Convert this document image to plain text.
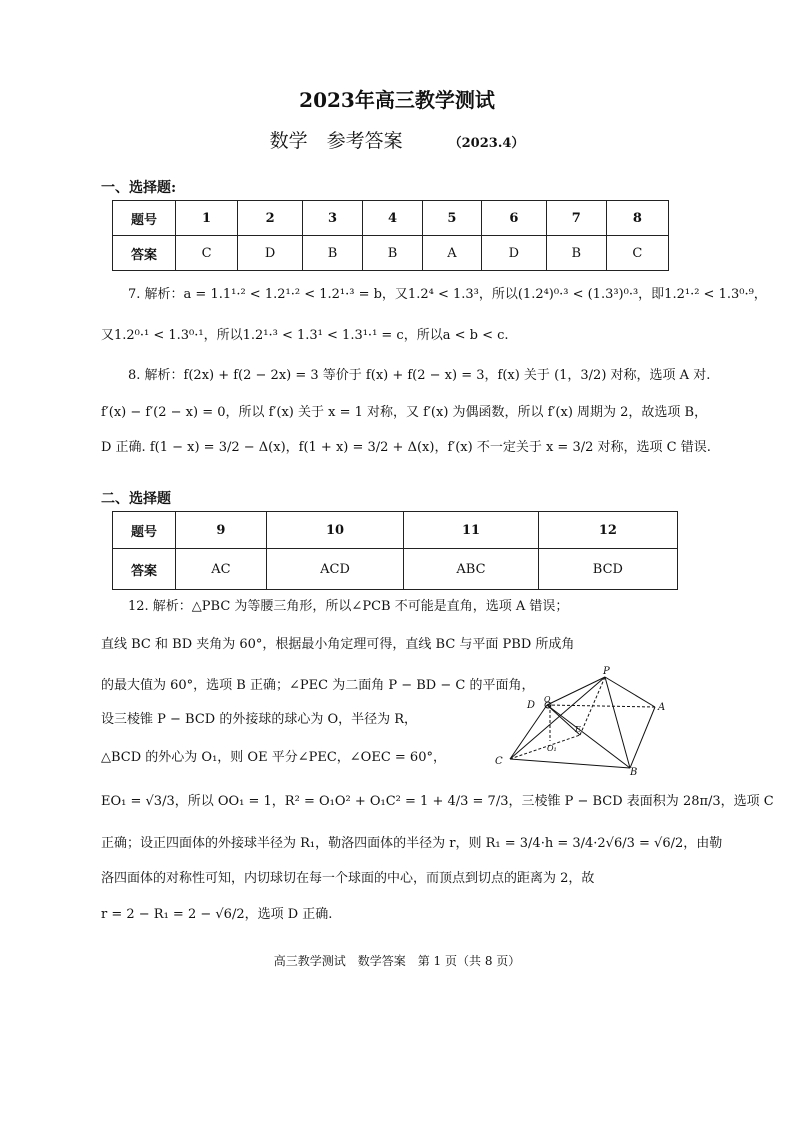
2023年高三教学测试
数学　参考答案	（2023.4）
一、选择题:
题号	1	2	3	4	5	6	7	8
答案	C	D	B	B	A	D	B	C
7. 解析：a = 1.1¹·² < 1.2¹·² < 1.2¹·³ = b，又1.2⁴ < 1.3³，所以(1.2⁴)⁰·³ < (1.3³)⁰·³，即1.2¹·² < 1.3⁰·⁹，
又1.2⁰·¹ < 1.3⁰·¹，所以1.2¹·³ < 1.3¹ < 1.3¹·¹ = c，所以a < b < c.
8. 解析：f(2x) + f(2 − 2x) = 3 等价于 f(x) + f(2 − x) = 3，f(x) 关于 (1，3/2) 对称，选项 A 对.
f′(x) − f′(2 − x) = 0，所以 f′(x) 关于 x = 1 对称，又 f′(x) 为偶函数，所以 f′(x) 周期为 2，故选项 B，
D 正确. f(1 − x) = 3/2 − Δ(x)，f(1 + x) = 3/2 + Δ(x)，f′(x) 不一定关于 x = 3/2 对称，选项 C 错误.
二、选择题
题号	9	10	11	12
答案	AC	ACD	ABC	BCD
12. 解析：△PBC 为等腰三角形，所以∠PCB 不可能是直角，选项 A 错误；
直线 BC 和 BD 夹角为 60°，根据最小角定理可得，直线 BC 与平面 PBD 所成角
的最大值为 60°，选项 B 正确；∠PEC 为二面角 P − BD − C 的平面角，
设三棱锥 P − BCD 的外接球的球心为 O，半径为 R，
△BCD 的外心为 O₁，则 OE 平分∠PEC，∠OEC = 60°，
EO₁ = √3/3，所以 OO₁ = 1，R² = O₁O² + O₁C² = 1 + 4/3 = 7/3，三棱锥 P − BCD 表面积为 28π/3，选项 C
正确；设正四面体的外接球半径为 R₁，勒洛四面体的半径为 r，则 R₁ = 3/4·h = 3/4·2√6/3 = √6/2，由勒
洛四面体的对称性可知，内切球切在每一个球面的中心，而顶点到切点的距离为 2，故
r = 2 − R₁ = 2 − √6/2，选项 D 正确.
P
D
O
A
E
O₁
C
B
高三教学测试　数学答案　第 1 页（共 8 页）
